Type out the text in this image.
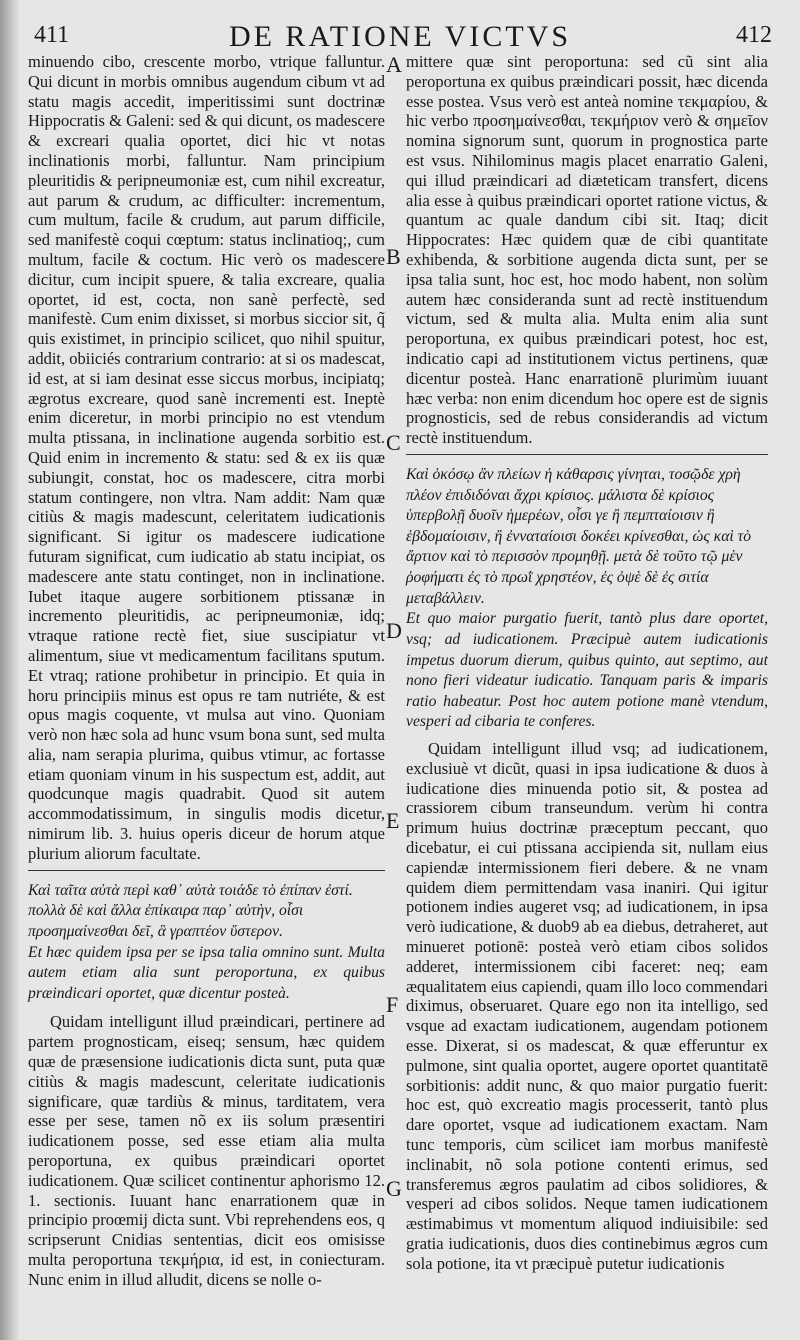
411	DE RATIONE VICTVS	412

minuendo cibo, crescente morbo, vtrique falluntur. Qui dicunt in morbis omnibus augendum cibum vt ad statu magis accedit, imperitissimi sunt doctrinæ Hippocratis & Galeni: sed & qui dicunt, os madescere & excreari qualia oportet, dici hic vt notas inclinationis morbi, falluntur. Nam principium pleuritidis & peripneumoniæ est, cum nihil excreatur, aut parum & crudum, ac difficulter: incrementum, cum multum, facile & crudum, aut parum difficile, sed manifestè coqui cœptum: status inclinatioq;, cum multum, facile & coctum. Hic verò os madescere dicitur, cum incipit spuere, & talia excreare, qualia oportet, id est, cocta, non sanè perfectè, sed manifestè. Cum enim dixisset, si morbus siccior sit, q̃ quis existimet, in principio scilicet, quo nihil spuitur, addit, obiiciés contrarium contrario: at si os madescat, id est, at si iam desinat esse siccus morbus, incipiatq; ægrotus excreare, quod sanè incrementi est. Ineptè enim diceretur, in morbi principio no est vtendum multa ptissana, in inclinatione augenda sorbitio est. Quid enim in incremento & statu: sed & ex iis quæ subiungit, constat, hoc os madescere, citra morbi statum contingere, non vltra. Nam addit: Nam quæ citiùs & magis madescunt, celeritatem iudicationis significant. Si igitur os madescere iudicatione futuram significat, cum iudicatio ab statu incipiat, os madescere ante statu continget, non in inclinatione. Iubet itaque augere sorbitionem ptissanæ in incremento pleuritidis, ac peripneumoniæ, idq; vtraque ratione rectè fiet, siue suscipiatur vt alimentum, siue vt medicamentum facilitans sputum. Et vtraq; ratione prohibetur in principio. Et quia in horu principiis minus est opus re tam nutriéte, & est opus magis coquente, vt mulsa aut vino. Quoniam verò non hæc sola ad hunc vsum bona sunt, sed multa alia, nam serapia plurima, quibus vtimur, ac fortasse etiam quoniam vinum in his suspectum est, addit, aut quodcunque magis quadrabit. Quod sit autem accommodatissimum, in singulis modis dicetur, nimirum lib. 3. huius operis diceur de horum atque plurium aliorum facultate.

Καὶ ταῖτα αὐτὰ περὶ καθ᾽ αὐτὰ τοιάδε τὸ ἐπίπαν ἐστί. πολλὰ δὲ καὶ ἄλλα ἐπίκαιρα παρ᾽ αὐτὴν, οἷσι προσημαίνεσθαι δεῖ, ἃ γραπτέον ὕστερον.

Et hæc quidem ipsa per se ipsa talia omnino sunt. Multa autem etiam alia sunt peroportuna, ex quibus præindicari oportet, quæ dicentur posteà.

Quidam intelligunt illud præindicari, pertinere ad partem prognosticam, eiseq; sensum, hæc quidem quæ de præsensione iudicationis dicta sunt, puta quæ citiùs & magis madescunt, celeritate iudicationis significare, quæ tardiùs & minus, tarditatem, vera esse per sese, tamen nõ ex iis solum præsentiri iudicationem posse, sed esse etiam alia multa peroportuna, ex quibus præindicari oportet iudicationem. Quæ scilicet continentur aphorismo 12. 1. sectionis. Iuuant hanc enarrationem quæ in principio proœmij dicta sunt. Vbi reprehendens eos, q scripserunt Cnidias sententias, dicit eos omisisse multa peroportuna τεκμήρια, id est, in coniecturam. Nunc enim in illud alludit, dicens se nolle o-

mittere quæ sint peroportuna: sed cũ sint alia peroportuna ex quibus præindicari possit, hæc dicenda esse postea. Vsus verò est anteà nomine τεκμαρίου, & hic verbo προσημαίνεσθαι, τεκμήριον verò & σημεῖον nomina signorum sunt, quorum in prognostica parte est vsus. Nihilominus magis placet enarratio Galeni, qui illud præindicari ad diæteticam transfert, dicens alia esse à quibus præindicari oportet ratione victus, & quantum ac quale dandum cibi sit. Itaq; dicit Hippocrates: Hæc quidem quæ de cibi quantitate exhibenda, & sorbitione augenda dicta sunt, per se ipsa talia sunt, hoc est, hoc modo habent, non solùm autem hæc consideranda sunt ad rectè instituendum victum, sed & multa alia. Multa enim alia sunt peroportuna, ex quibus præindicari potest, hoc est, indicatio capi ad institutionem victus pertinens, quæ dicentur posteà. Hanc enarrationē plurimùm iuuant hæc verba: non enim dicendum hoc opere est de signis prognosticis, sed de rebus considerandis ad victum rectè instituendum.

Καὶ ὁκόσῳ ἂν πλείων ἡ κάθαρσις γίνηται, τοσῷδε χρὴ πλέον ἐπιδιδόναι ἄχρι κρίσιος. μάλιστα δὲ κρίσιος ὑπερβολῇ δυοῖν ἡμερέων, οἷσι γε ἢ πεμπταίοισιν ἢ ἑβδομαίοισιν, ἢ ἐνναταίοισι δοκέει κρίνεσθαι, ὡς καὶ τὸ ἄρτιον καὶ τὸ περισσὸν προμηθῇ. μετὰ δὲ τοῦτο τῷ μὲν ῥοφήματι ἐς τὸ πρωῒ χρηστέον, ἐς ὀψὲ δὲ ἐς σιτία μεταβάλλειν.

Et quo maior purgatio fuerit, tantò plus dare oportet, vsq; ad iudicationem. Præcipuè autem iudicationis impetus duorum dierum, quibus quinto, aut septimo, aut nono fieri videatur iudicatio. Tanquam paris & imparis ratio habeatur. Post hoc autem potione manè vtendum, vesperi ad cibaria te conferes.

Quidam intelligunt illud vsq; ad iudicationem, exclusiuè vt dicũt, quasi in ipsa iudicatione & duos à iudicatione dies minuenda potio sit, & postea ad crassiorem cibum transeundum. verùm hi contra primum huius doctrinæ præceptum peccant, quo dicebatur, ei cui ptissana accipienda sit, nullam eius capiendæ intermissionem fieri debere. & ne vnam quidem diem permittendam vasa inaniri. Qui igitur potionem indies augeret vsq; ad iudicationem, in ipsa verò iudicatione, & duob9 ab ea diebus, detraheret, aut minueret potionē: posteà verò etiam cibos solidos adderet, intermissionem cibi faceret: neq; eam æqualitatem eius capiendi, quam illo loco commendari diximus, obseruaret. Quare ego non ita intelligo, sed vsque ad exactam iudicationem, augendam potionem esse. Dixerat, si os madescat, & quæ efferuntur ex pulmone, sint qualia oportet, augere oportet quantitatē sorbitionis: addit nunc, & quo maior purgatio fuerit: hoc est, quò excreatio magis processerit, tantò plus dare oportet, vsque ad iudicationem exactam. Nam tunc temporis, cùm scilicet iam morbus manifestè inclinabit, nõ sola potione contenti erimus, sed transferemus ægros paulatim ad cibos solidiores, & vesperi ad cibos solidos. Neque tamen iudicationem æstimabimus vt momentum aliquod indiuisibile: sed gratia iudicationis, duos dies continebimus ægros cum sola potione, ita vt præcipuè putetur iudicationis

A
B
C
D
E
F
G
